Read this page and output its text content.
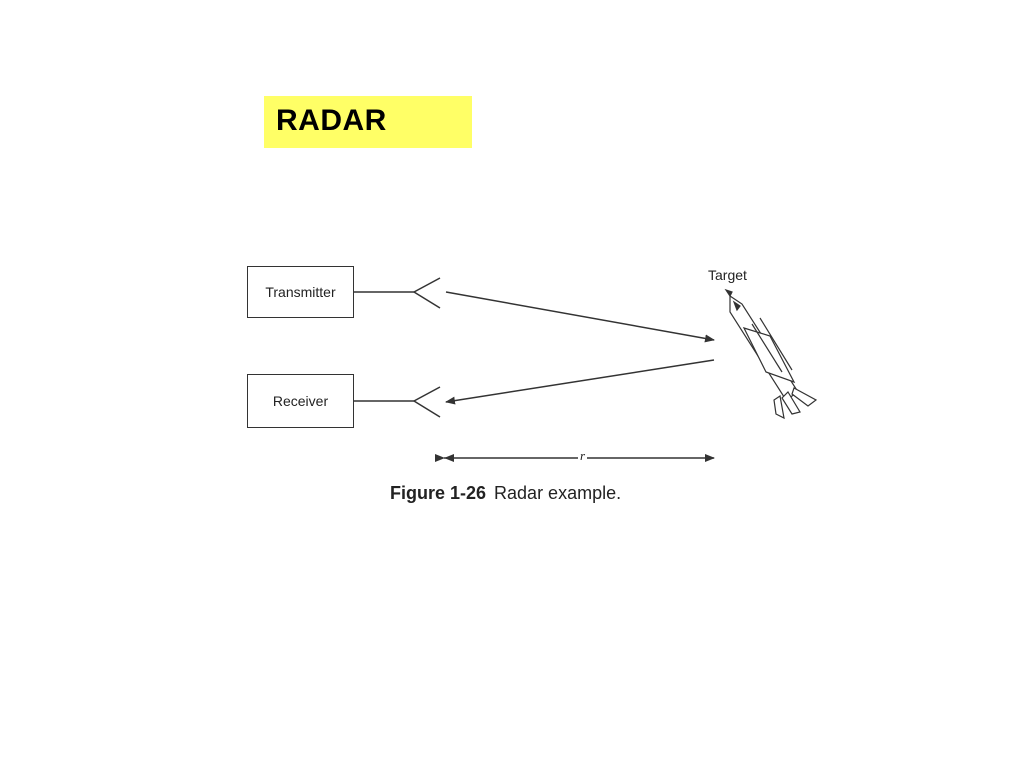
RADAR
Transmitter
Receiver
Target
r
Figure 1-26 Radar example.
